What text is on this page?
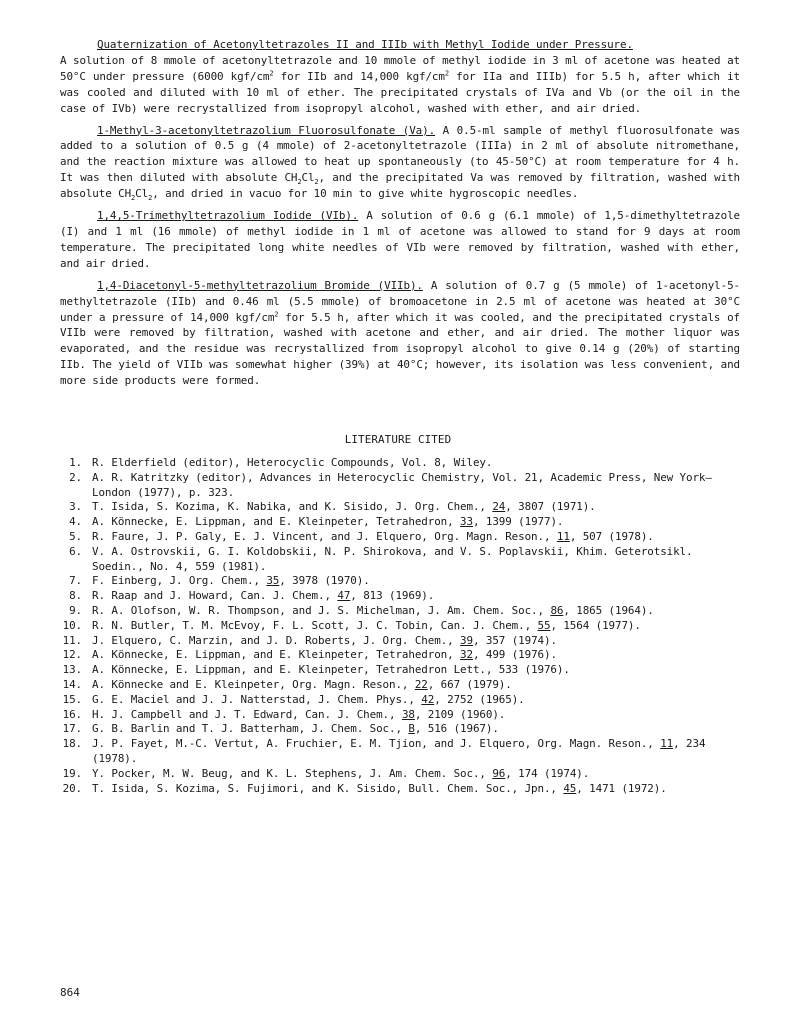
Quaternization of Acetonyltetrazoles II and IIIb with Methyl Iodide under Pressure.
A solution of 8 mmole of acetonyltetrazole and 10 mmole of methyl iodide in 3 ml of acetone was heated at 50°C under pressure (6000 kgf/$cm^2$ for IIb and 14,000 kgf/$cm^2$ for IIa and IIIb) for 5.5 h, after which it was cooled and diluted with 10 ml of ether. The precipitated crystals of IVa and Vb (or the oil in the case of IVb) were recrystallized from isopropyl alcohol, washed with ether, and air dried.

1-Methyl-3-acetonyltetrazolium Fluorosulfonate (Va). A 0.5-ml sample of methyl fluorosulfonate was added to a solution of 0.5 g (4 mmole) of 2-acetonyltetrazole (IIIa) in 2 ml of absolute nitromethane, and the reaction mixture was allowed to heat up spontaneously (to 45-50°C) at room temperature for 4 h. It was then diluted with absolute $CH_2Cl_2$, and the precipitated Va was removed by filtration, washed with absolute $CH_2Cl_2$, and dried in vacuo for 10 min to give white hygroscopic needles.

1,4,5-Trimethyltetrazolium Iodide (VIb). A solution of 0.6 g (6.1 mmole) of 1,5-dimethyltetrazole (I) and 1 ml (16 mmole) of methyl iodide in 1 ml of acetone was allowed to stand for 9 days at room temperature. The precipitated long white needles of VIb were removed by filtration, washed with ether, and air dried.

1,4-Diacetonyl-5-methyltetrazolium Bromide (VIIb). A solution of 0.7 g (5 mmole) of 1-acetonyl-5-methyltetrazole (IIb) and 0.46 ml (5.5 mmole) of bromoacetone in 2.5 ml of acetone was heated at 30°C under a pressure of 14,000 kgf/$cm^2$ for 5.5 h, after which it was cooled, and the precipitated crystals of VIIb were removed by filtration, washed with acetone and ether, and air dried. The mother liquor was evaporated, and the residue was recrystallized from isopropyl alcohol to give 0.14 g (20%) of starting IIb. The yield of VIIb was somewhat higher (39%) at 40°C; however, its isolation was less convenient, and more side products were formed.

LITERATURE CITED
1. R. Elderfield (editor), Heterocyclic Compounds, Vol. 8, Wiley.
2. A. R. Katritzky (editor), Advances in Heterocyclic Chemistry, Vol. 21, Academic Press, New York—London (1977), p. 323.
3. T. Isida, S. Kozima, K. Nabika, and K. Sisido, J. Org. Chem., 24, 3807 (1971).
4. A. Könnecke, E. Lippman, and E. Kleinpeter, Tetrahedron, 33, 1399 (1977).
5. R. Faure, J. P. Galy, E. J. Vincent, and J. Elquero, Org. Magn. Reson., 11, 507 (1978).
6. V. A. Ostrovskii, G. I. Koldobskii, N. P. Shirokova, and V. S. Poplavskii, Khim. Geterotsikl. Soedin., No. 4, 559 (1981).
7. F. Einberg, J. Org. Chem., 35, 3978 (1970).
8. R. Raap and J. Howard, Can. J. Chem., 47, 813 (1969).
9. R. A. Olofson, W. R. Thompson, and J. S. Michelman, J. Am. Chem. Soc., 86, 1865 (1964).
10. R. N. Butler, T. M. McEvoy, F. L. Scott, J. C. Tobin, Can. J. Chem., 55, 1564 (1977).
11. J. Elquero, C. Marzin, and J. D. Roberts, J. Org. Chem., 39, 357 (1974).
12. A. Könnecke, E. Lippman, and E. Kleinpeter, Tetrahedron, 32, 499 (1976).
13. A. Könnecke, E. Lippman, and E. Kleinpeter, Tetrahedron Lett., 533 (1976).
14. A. Könnecke and E. Kleinpeter, Org. Magn. Reson., 22, 667 (1979).
15. G. E. Maciel and J. J. Natterstad, J. Chem. Phys., 42, 2752 (1965).
16. H. J. Campbell and J. T. Edward, Can. J. Chem., 38, 2109 (1960).
17. G. B. Barlin and T. J. Batterham, J. Chem. Soc., B, 516 (1967).
18. J. P. Fayet, M.-C. Vertut, A. Fruchier, E. M. Tjion, and J. Elquero, Org. Magn. Reson., 11, 234 (1978).
19. Y. Pocker, M. W. Beug, and K. L. Stephens, J. Am. Chem. Soc., 96, 174 (1974).
20. T. Isida, S. Kozima, S. Fujimori, and K. Sisido, Bull. Chem. Soc., Jpn., 45, 1471 (1972).
864
